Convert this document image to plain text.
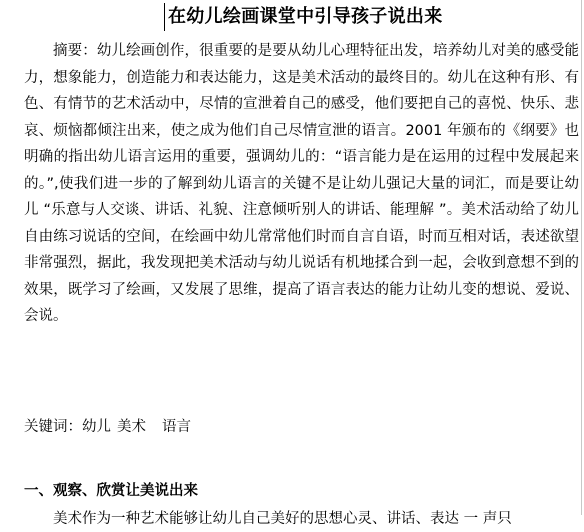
在幼儿绘画课堂中引导孩子说出来

摘要：幼儿绘画创作，很重要的是要从幼儿心理特征出发，培养幼儿对美的感受能力，想象能力，创造能力和表达能力，这是美术活动的最终目的。幼儿在这种有形、有色、有情节的艺术活动中，尽情的宣泄着自己的感受，他们要把自己的喜悦、快乐、悲哀、烦恼都倾注出来，使之成为他们自己尽情宣泄的语言。2001 年颁布的《纲要》也明确的指出幼儿语言运用的重要，强调幼儿的：“语言能力是在运用的过程中发展起来的。”,使我们进一步的了解到幼儿语言的关键不是让幼儿强记大量的词汇，而是要让幼儿 “乐意与人交谈、讲话、礼貌、注意倾听别人的讲话、能理解 ”。美术活动给了幼儿自由练习说话的空间，在绘画中幼儿常常他们时而自言自语，时而互相对话，表述欲望非常强烈，据此，我发现把美术活动与幼儿说话有机地揉合到一起，会收到意想不到的效果，既学习了绘画，又发展了思维，提高了语言表达的能力让幼儿变的想说、爱说、会说。

关键词：幼儿 美术 语言

一、观察、欣赏让美说出来

美术作为一种艺术能够让幼儿自己美好的思想心灵、讲话、表达 一 声只
